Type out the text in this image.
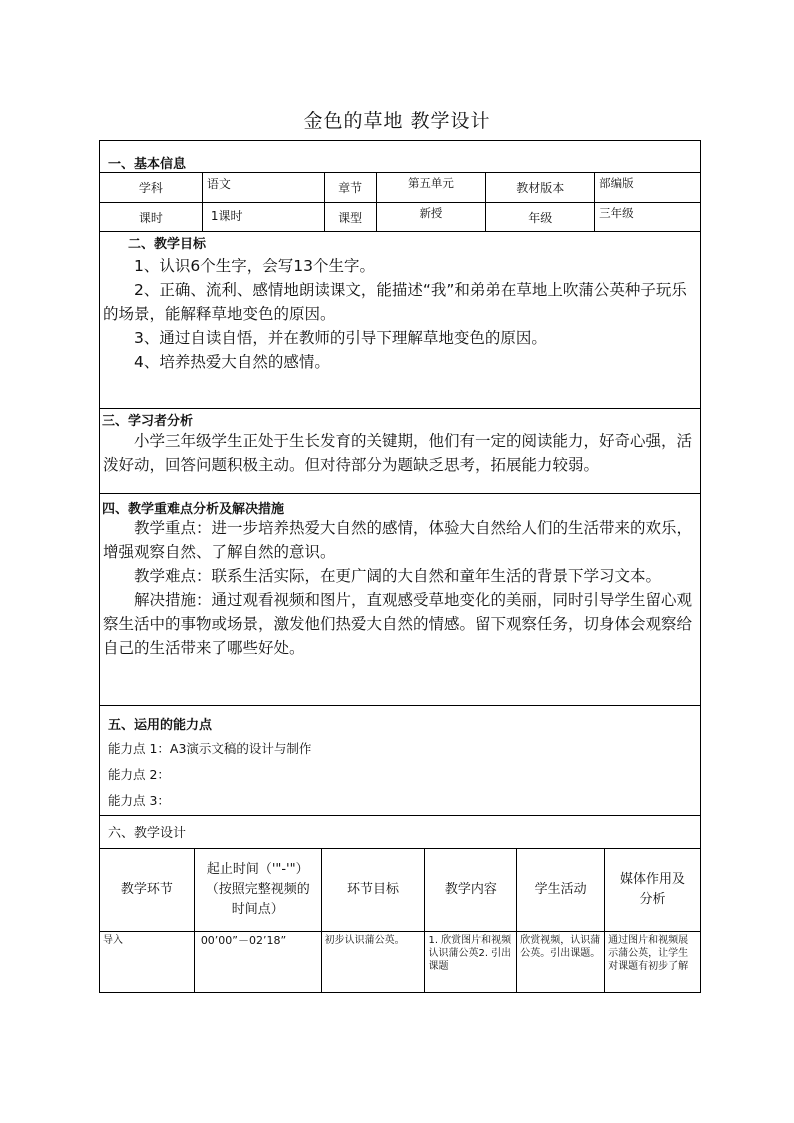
金色的草地 教学设计
一、基本信息
学科	语文	章节	第五单元	教材版本	部编版
课时	1课时	课型	新授	年级	三年级
二、教学目标

1、认识6个生字，会写13个生字。

2、正确、流利、感情地朗读课文，能描述“我”和弟弟在草地上吹蒲公英种子玩乐的场景，能解释草地变色的原因。

3、通过自读自悟，并在教师的引导下理解草地变色的原因。

4、培养热爱大自然的感情。

三、学习者分析

小学三年级学生正处于生长发育的关键期，他们有一定的阅读能力，好奇心强，活泼好动，回答问题积极主动。但对待部分为题缺乏思考，拓展能力较弱。

四、教学重难点分析及解决措施

教学重点：进一步培养热爱大自然的感情，体验大自然给人们的生活带来的欢乐，增强观察自然、了解自然的意识。

教学难点：联系生活实际，在更广阔的大自然和童年生活的背景下学习文本。

解决措施：通过观看视频和图片，直观感受草地变化的美丽，同时引导学生留心观察生活中的事物或场景，激发他们热爱大自然的情感。留下观察任务，切身体会观察给自己的生活带来了哪些好处。

五、运用的能力点
能力点 1：A3演示文稿的设计与制作
能力点 2：
能力点 3：
六、教学设计
教学环节	起止时间（'"-'"）（按照完整视频的时间点）	环节目标	教学内容	学生活动	媒体作用及分析
导入	00’00”－02’18”	初步认识蒲公英。	1. 欣赏图片和视频认识蒲公英2. 引出课题	欣赏视频，认识蒲公英。引出课题。	通过图片和视频展示蒲公英，让学生对课题有初步了解
